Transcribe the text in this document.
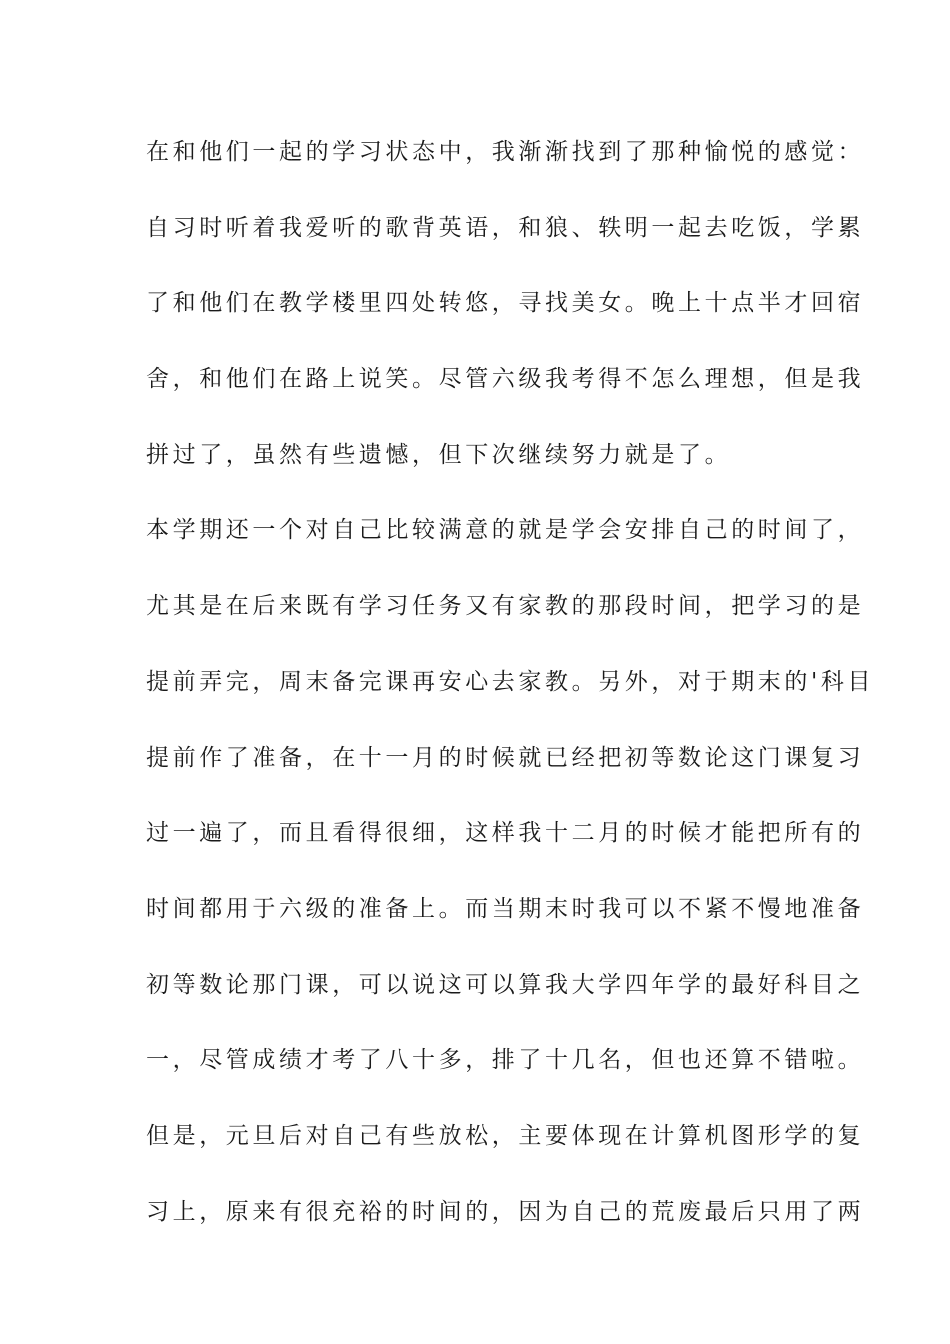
在和他们一起的学习状态中，我渐渐找到了那种愉悦的感觉：
自习时听着我爱听的歌背英语，和狼、轶明一起去吃饭，学累
了和他们在教学楼里四处转悠，寻找美女。晚上十点半才回宿
舍，和他们在路上说笑。尽管六级我考得不怎么理想，但是我
拼过了，虽然有些遗憾，但下次继续努力就是了。
本学期还一个对自己比较满意的就是学会安排自己的时间了，
尤其是在后来既有学习任务又有家教的那段时间，把学习的是
提前弄完，周末备完课再安心去家教。另外，对于期末的'科目
提前作了准备，在十一月的时候就已经把初等数论这门课复习
过一遍了，而且看得很细，这样我十二月的时候才能把所有的
时间都用于六级的准备上。而当期末时我可以不紧不慢地准备
初等数论那门课，可以说这可以算我大学四年学的最好科目之
一，尽管成绩才考了八十多，排了十几名，但也还算不错啦。
但是，元旦后对自己有些放松，主要体现在计算机图形学的复
习上，原来有很充裕的时间的，因为自己的荒废最后只用了两
